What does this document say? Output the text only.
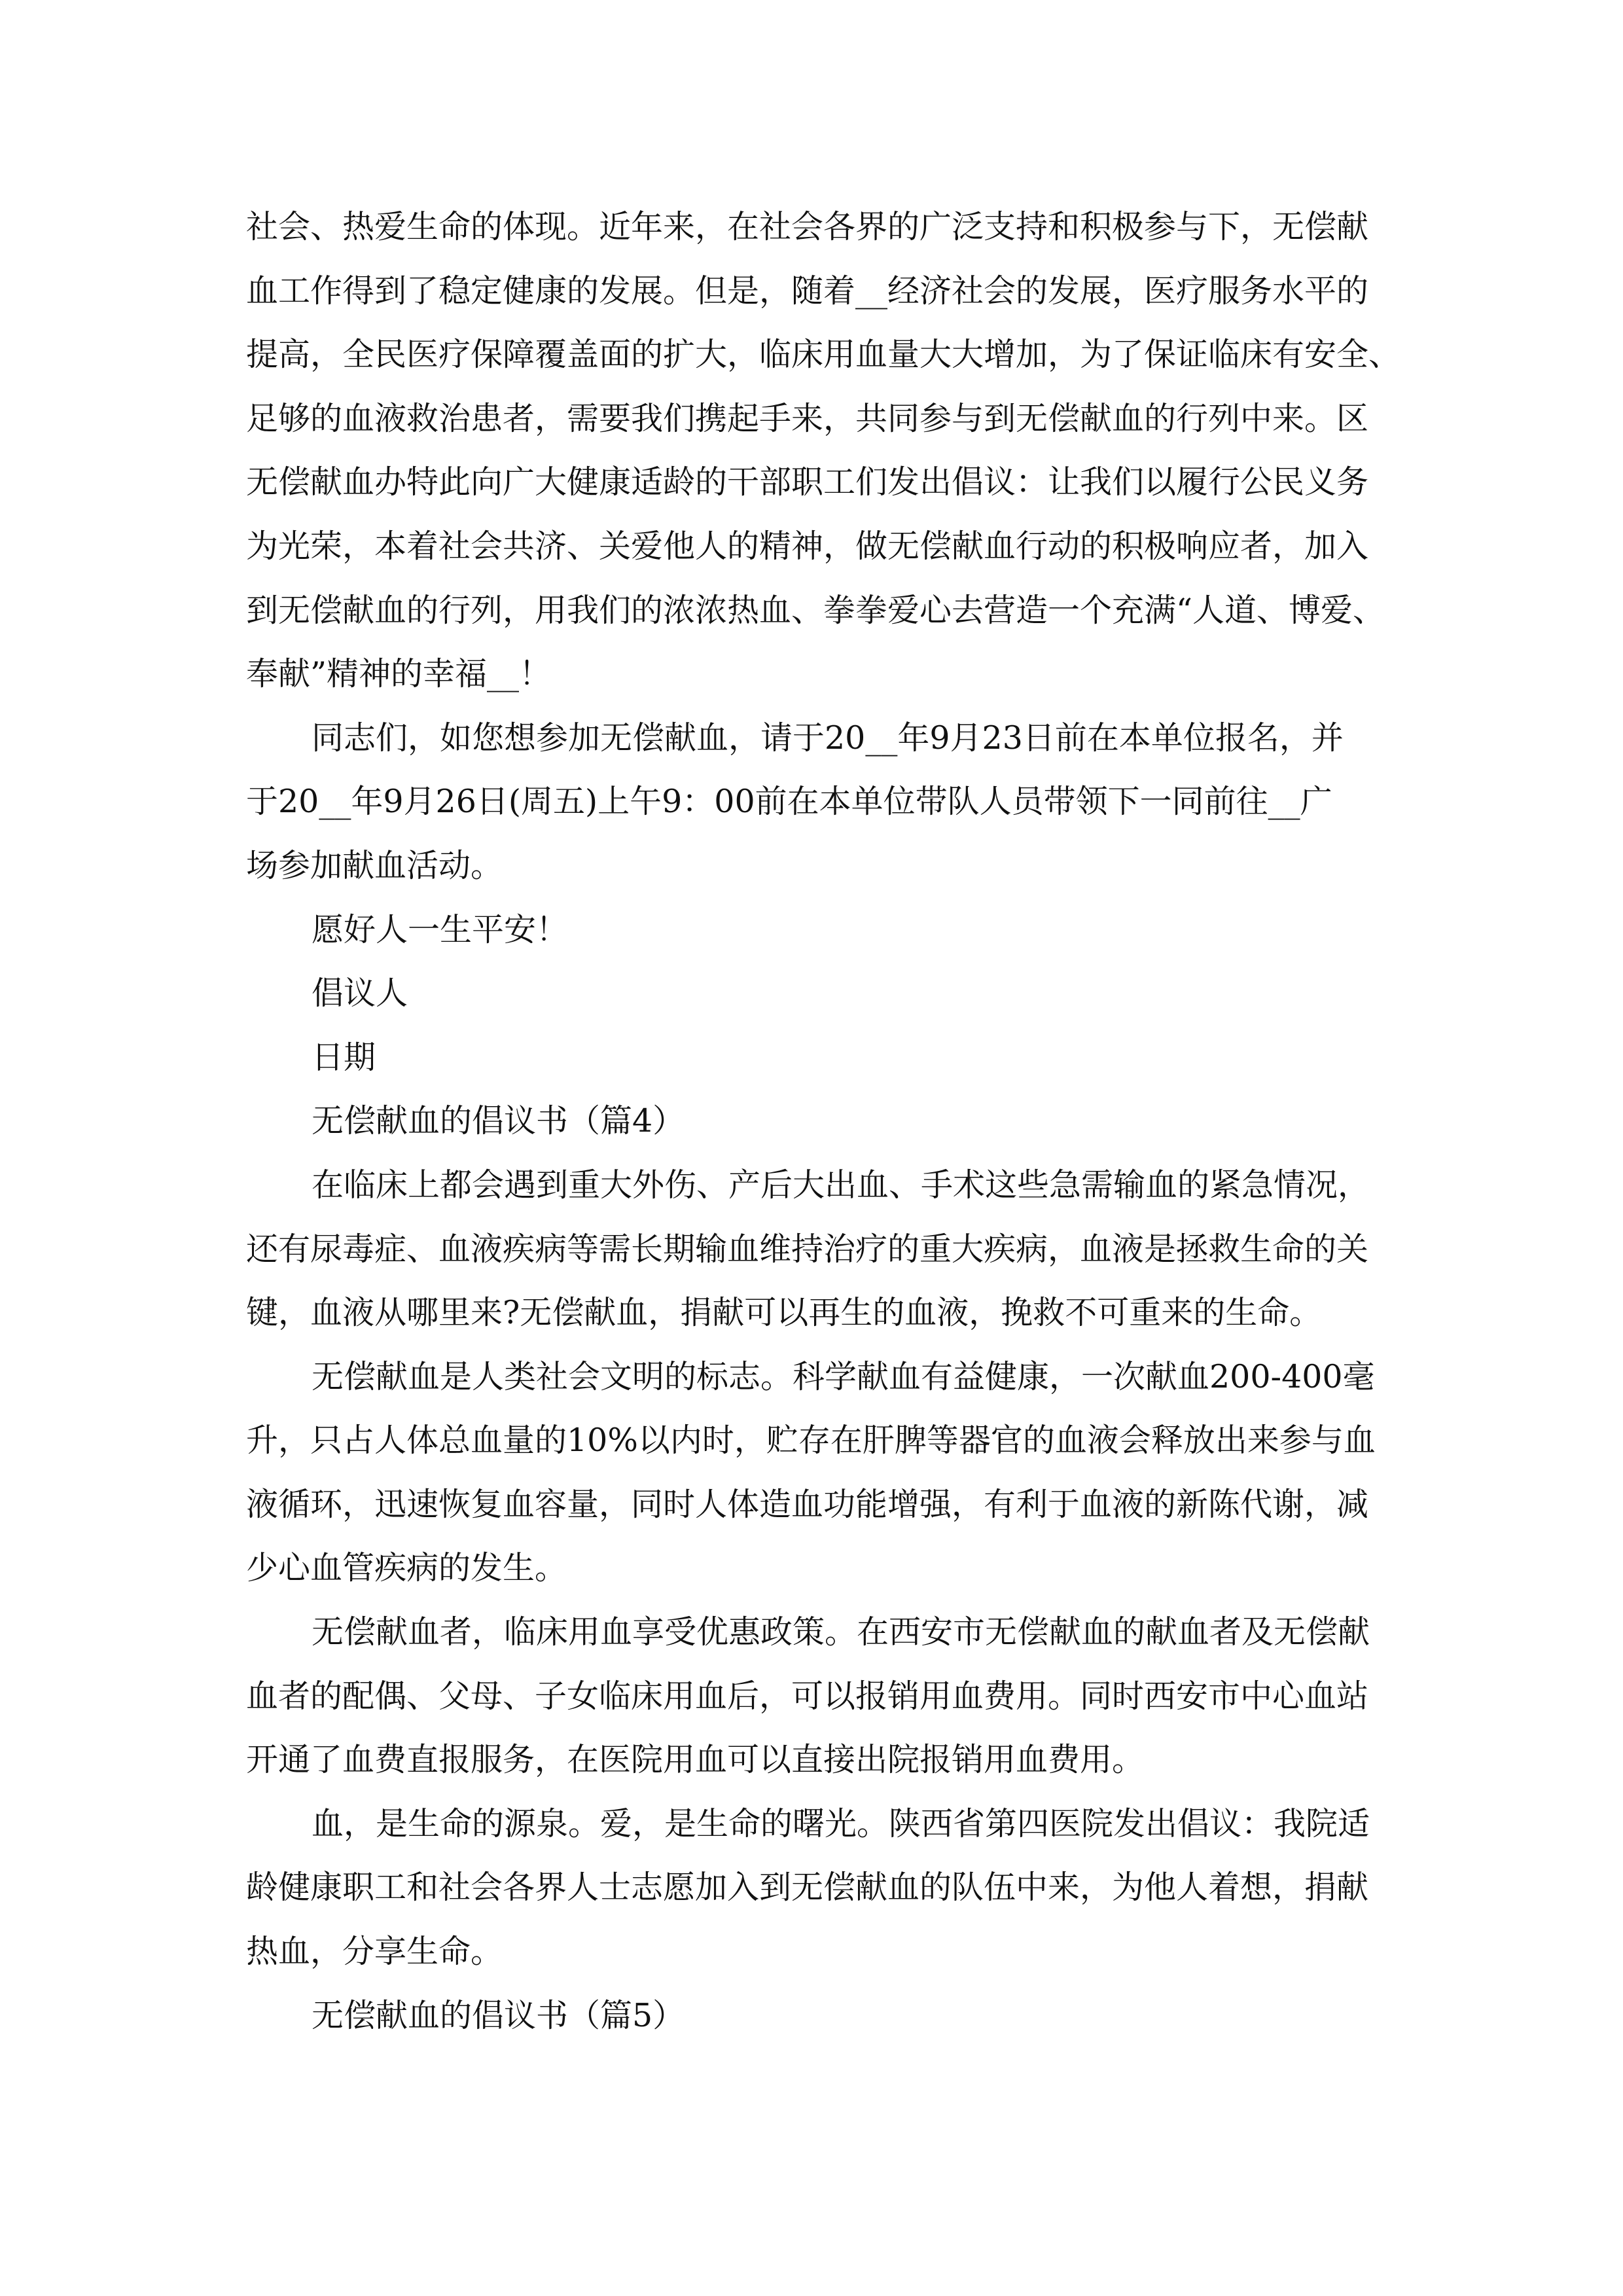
社会、热爱生命的体现。近年来，在社会各界的广泛支持和积极参与下，无偿献
血工作得到了稳定健康的发展。但是，随着__经济社会的发展，医疗服务水平的
提高，全民医疗保障覆盖面的扩大，临床用血量大大增加，为了保证临床有安全、
足够的血液救治患者，需要我们携起手来，共同参与到无偿献血的行列中来。区
无偿献血办特此向广大健康适龄的干部职工们发出倡议：让我们以履行公民义务
为光荣，本着社会共济、关爱他人的精神，做无偿献血行动的积极响应者，加入
到无偿献血的行列，用我们的浓浓热血、拳拳爱心去营造一个充满“人道、博爱、
奉献”精神的幸福__！
同志们，如您想参加无偿献血，请于20__年9月23日前在本单位报名，并
于20__年9月26日(周五)上午9：00前在本单位带队人员带领下一同前往__广
场参加献血活动。
愿好人一生平安！
倡议人
日期
无偿献血的倡议书（篇4）
在临床上都会遇到重大外伤、产后大出血、手术这些急需输血的紧急情况，
还有尿毒症、血液疾病等需长期输血维持治疗的重大疾病，血液是拯救生命的关
键，血液从哪里来?无偿献血，捐献可以再生的血液，挽救不可重来的生命。
无偿献血是人类社会文明的标志。科学献血有益健康，一次献血200-400毫
升，只占人体总血量的10%以内时，贮存在肝脾等器官的血液会释放出来参与血
液循环，迅速恢复血容量，同时人体造血功能增强，有利于血液的新陈代谢，减
少心血管疾病的发生。
无偿献血者，临床用血享受优惠政策。在西安市无偿献血的献血者及无偿献
血者的配偶、父母、子女临床用血后，可以报销用血费用。同时西安市中心血站
开通了血费直报服务，在医院用血可以直接出院报销用血费用。
血，是生命的源泉。爱，是生命的曙光。陕西省第四医院发出倡议：我院适
龄健康职工和社会各界人士志愿加入到无偿献血的队伍中来，为他人着想，捐献
热血，分享生命。
无偿献血的倡议书（篇5）
